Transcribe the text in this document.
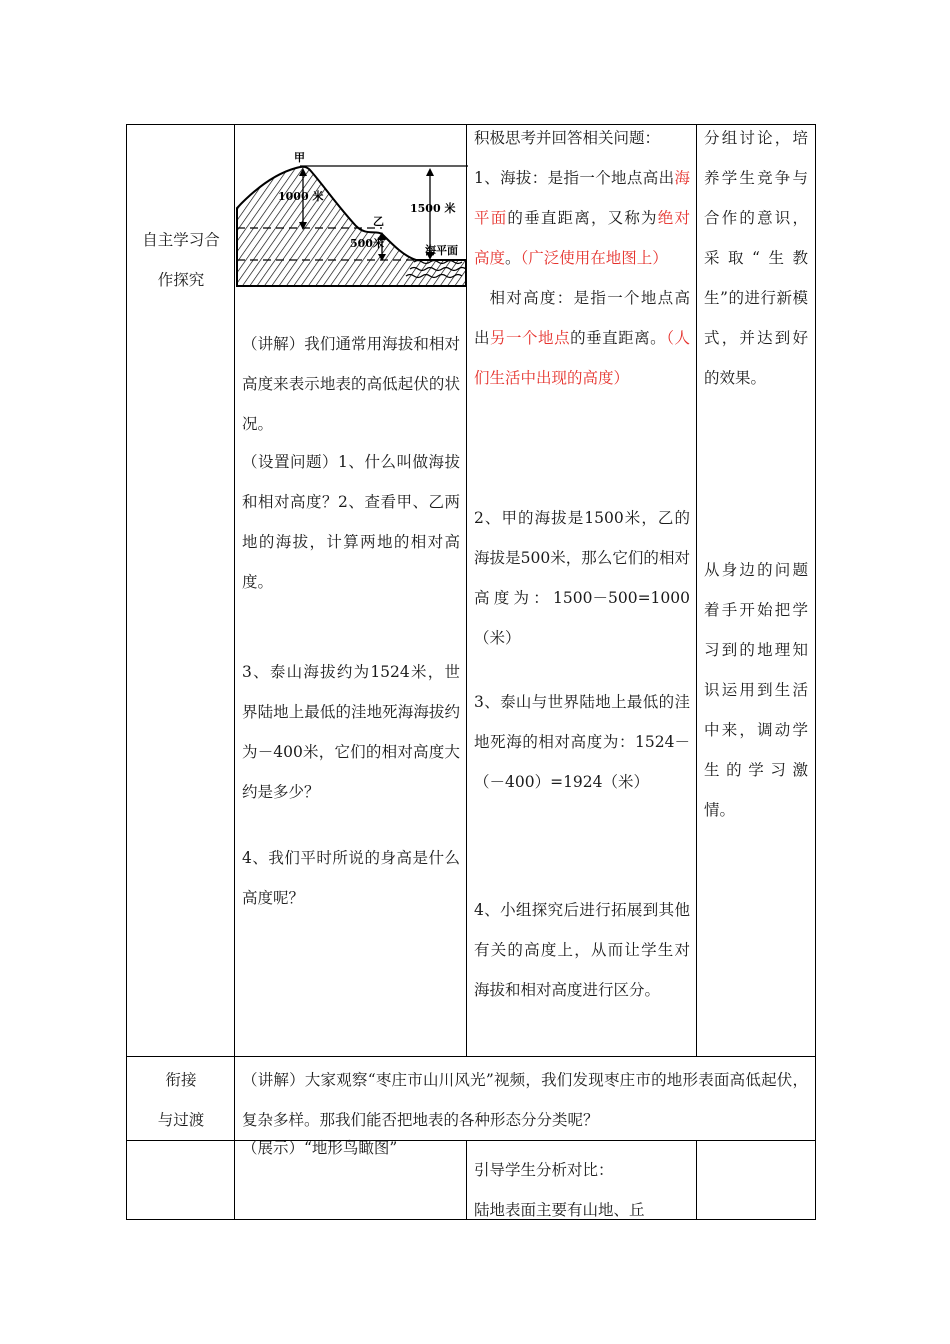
自主学习合作探究
甲
1000 米
乙
500米
1500 米
海平面
（讲解）我们通常用海拔和相对高度来表示地表的高低起伏的状况。
（设置问题）1、什么叫做海拔和相对高度？2、查看甲、乙两地的海拔，计算两地的相对高度。
3、泰山海拔约为1524米，世界陆地上最低的洼地死海海拔约为－400米，它们的相对高度大约是多少？
4、我们平时所说的身高是什么高度呢？

积极思考并回答相关问题：

1、海拔：是指一个地点高出海平面的垂直距离，又称为绝对高度。（广泛使用在地图上）

相对高度：是指一个地点高出另一个地点的垂直距离。（人们生活中出现的高度）

2、甲的海拔是1500米，乙的海拔是500米，那么它们的相对高度为：1500－500=1000（米）
3、泰山与世界陆地上最低的洼地死海的相对高度为：1524－（－400）=1924（米）
4、小组探究后进行拓展到其他有关的高度上，从而让学生对海拔和相对高度进行区分。
分组讨论，培养学生竞争与合作的意识，采取“生教生”的进行新模式，并达到好的效果。
从身边的问题着手开始把学习到的地理知识运用到生活中来，调动学生的学习激情。

衔接

与过渡

（讲解）大家观察“枣庄市山川风光”视频，我们发现枣庄市的地形表面高低起伏，复杂多样。那我们能否把地表的各种形态分分类呢？
（展示）“地形鸟瞰图”

引导学生分析对比：

陆地表面主要有山地、丘
